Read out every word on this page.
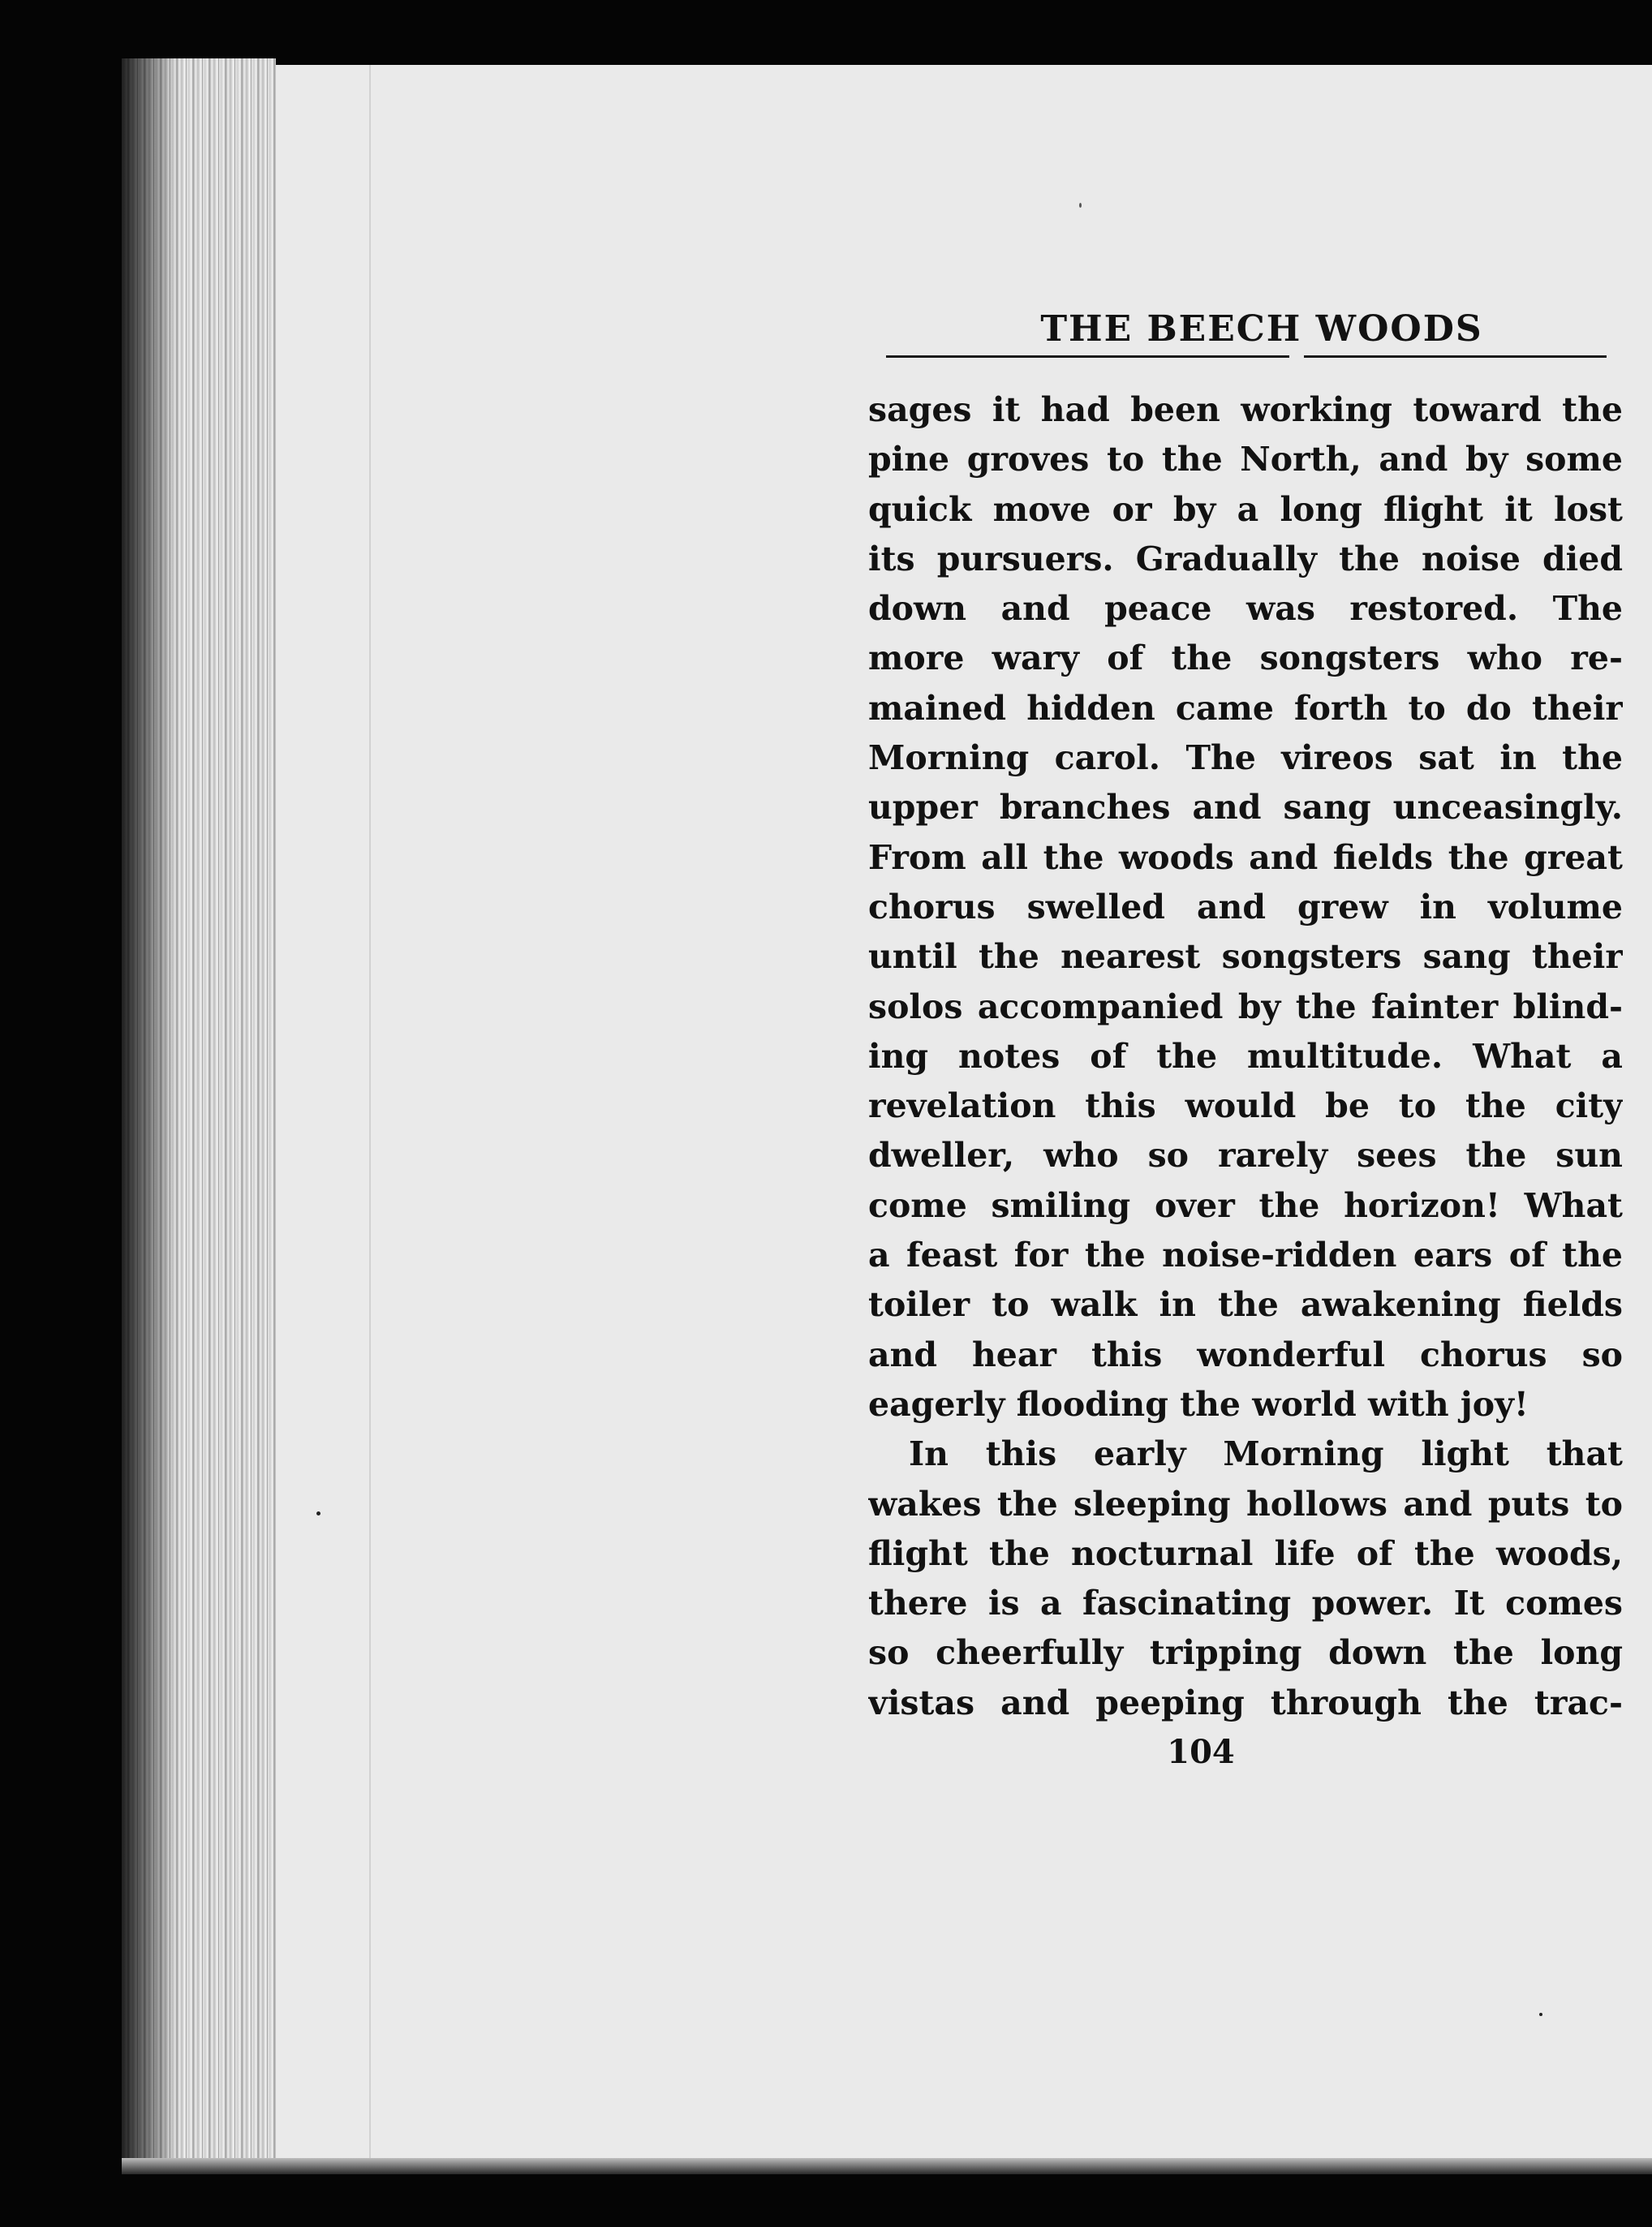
THE BEECH WOODS
sages it had been working toward the
pine groves to the North, and by some
quick move or by a long flight it lost
its pursuers. Gradually the noise died
down and peace was restored. The
more wary of the songsters who re-
mained hidden came forth to do their
Morning carol. The vireos sat in the
upper branches and sang unceasingly.
From all the woods and fields the great
chorus swelled and grew in volume
until the nearest songsters sang their
solos accompanied by the fainter blind-
ing notes of the multitude. What a
revelation this would be to the city
dweller, who so rarely sees the sun
come smiling over the horizon! What
a feast for the noise-ridden ears of the
toiler to walk in the awakening fields
and hear this wonderful chorus so
eagerly flooding the world with joy!
In this early Morning light that
wakes the sleeping hollows and puts to
flight the nocturnal life of the woods,
there is a fascinating power. It comes
so cheerfully tripping down the long
vistas and peeping through the trac-
104
